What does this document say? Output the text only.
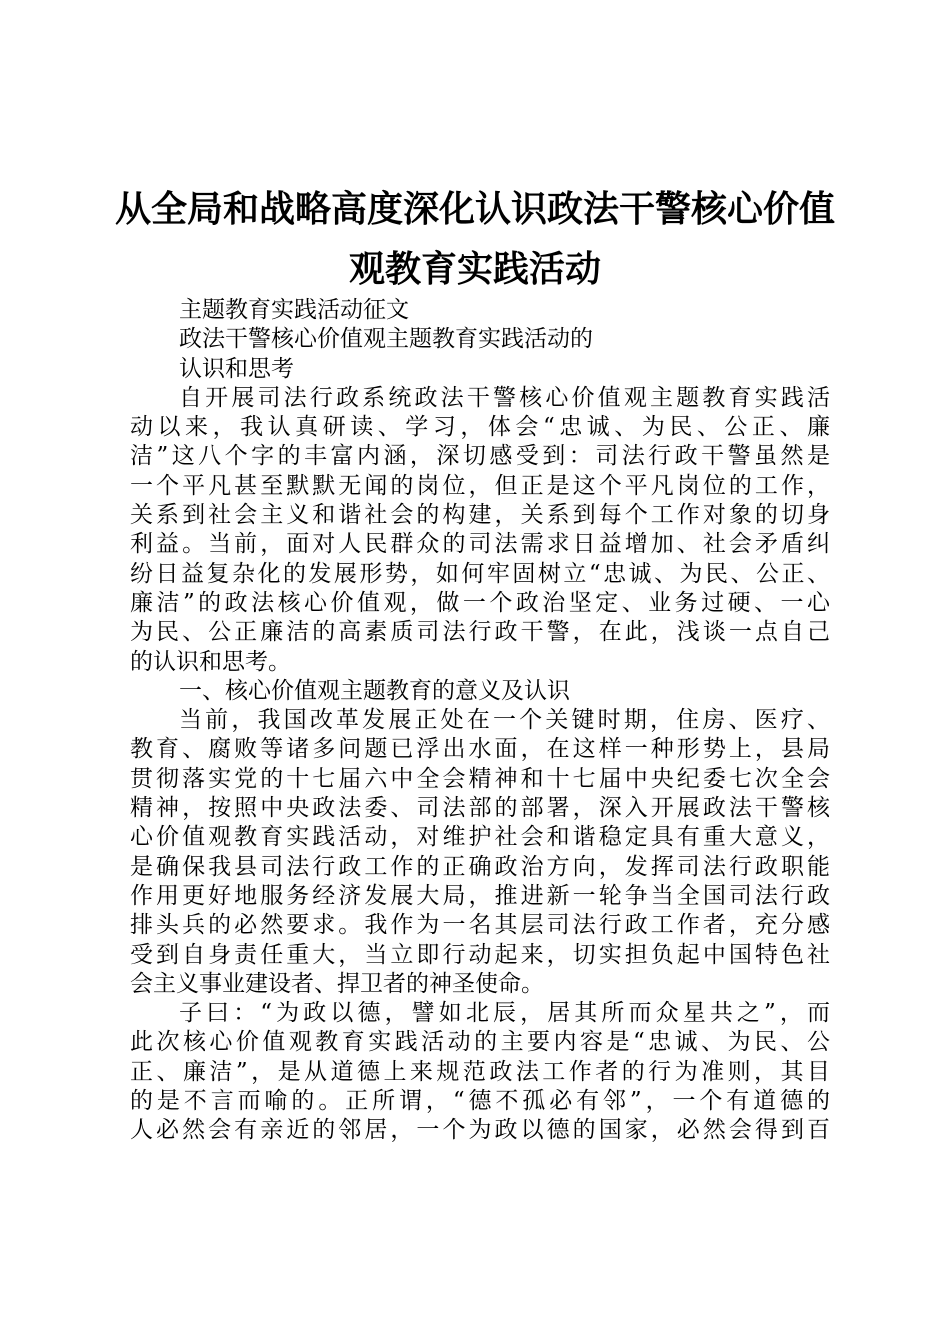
从全局和战略高度深化认识政法干警核心价值
观教育实践活动
主题教育实践活动征文
政法干警核心价值观主题教育实践活动的
认识和思考
自开展司法行政系统政法干警核心价值观主题教育实践活
动以来，我认真研读、学习，体会“忠诚、为民、公正、廉
洁”这八个字的丰富内涵，深切感受到：司法行政干警虽然是
一个平凡甚至默默无闻的岗位，但正是这个平凡岗位的工作，
关系到社会主义和谐社会的构建，关系到每个工作对象的切身
利益。当前，面对人民群众的司法需求日益增加、社会矛盾纠
纷日益复杂化的发展形势，如何牢固树立“忠诚、为民、公正、
廉洁”的政法核心价值观，做一个政治坚定、业务过硬、一心
为民、公正廉洁的高素质司法行政干警，在此，浅谈一点自己
的认识和思考。
一、核心价值观主题教育的意义及认识
当前，我国改革发展正处在一个关键时期，住房、医疗、
教育、腐败等诸多问题已浮出水面，在这样一种形势上，县局
贯彻落实党的十七届六中全会精神和十七届中央纪委七次全会
精神，按照中央政法委、司法部的部署，深入开展政法干警核
心价值观教育实践活动，对维护社会和谐稳定具有重大意义，
是确保我县司法行政工作的正确政治方向，发挥司法行政职能
作用更好地服务经济发展大局，推进新一轮争当全国司法行政
排头兵的必然要求。我作为一名其层司法行政工作者，充分感
受到自身责任重大，当立即行动起来，切实担负起中国特色社
会主义事业建设者、捍卫者的神圣使命。
子曰：“为政以德，譬如北辰，居其所而众星共之”，而
此次核心价值观教育实践活动的主要内容是“忠诚、为民、公
正、廉洁”，是从道德上来规范政法工作者的行为准则，其目
的是不言而喻的。正所谓，“德不孤必有邻”，一个有道德的
人必然会有亲近的邻居，一个为政以德的国家，必然会得到百
